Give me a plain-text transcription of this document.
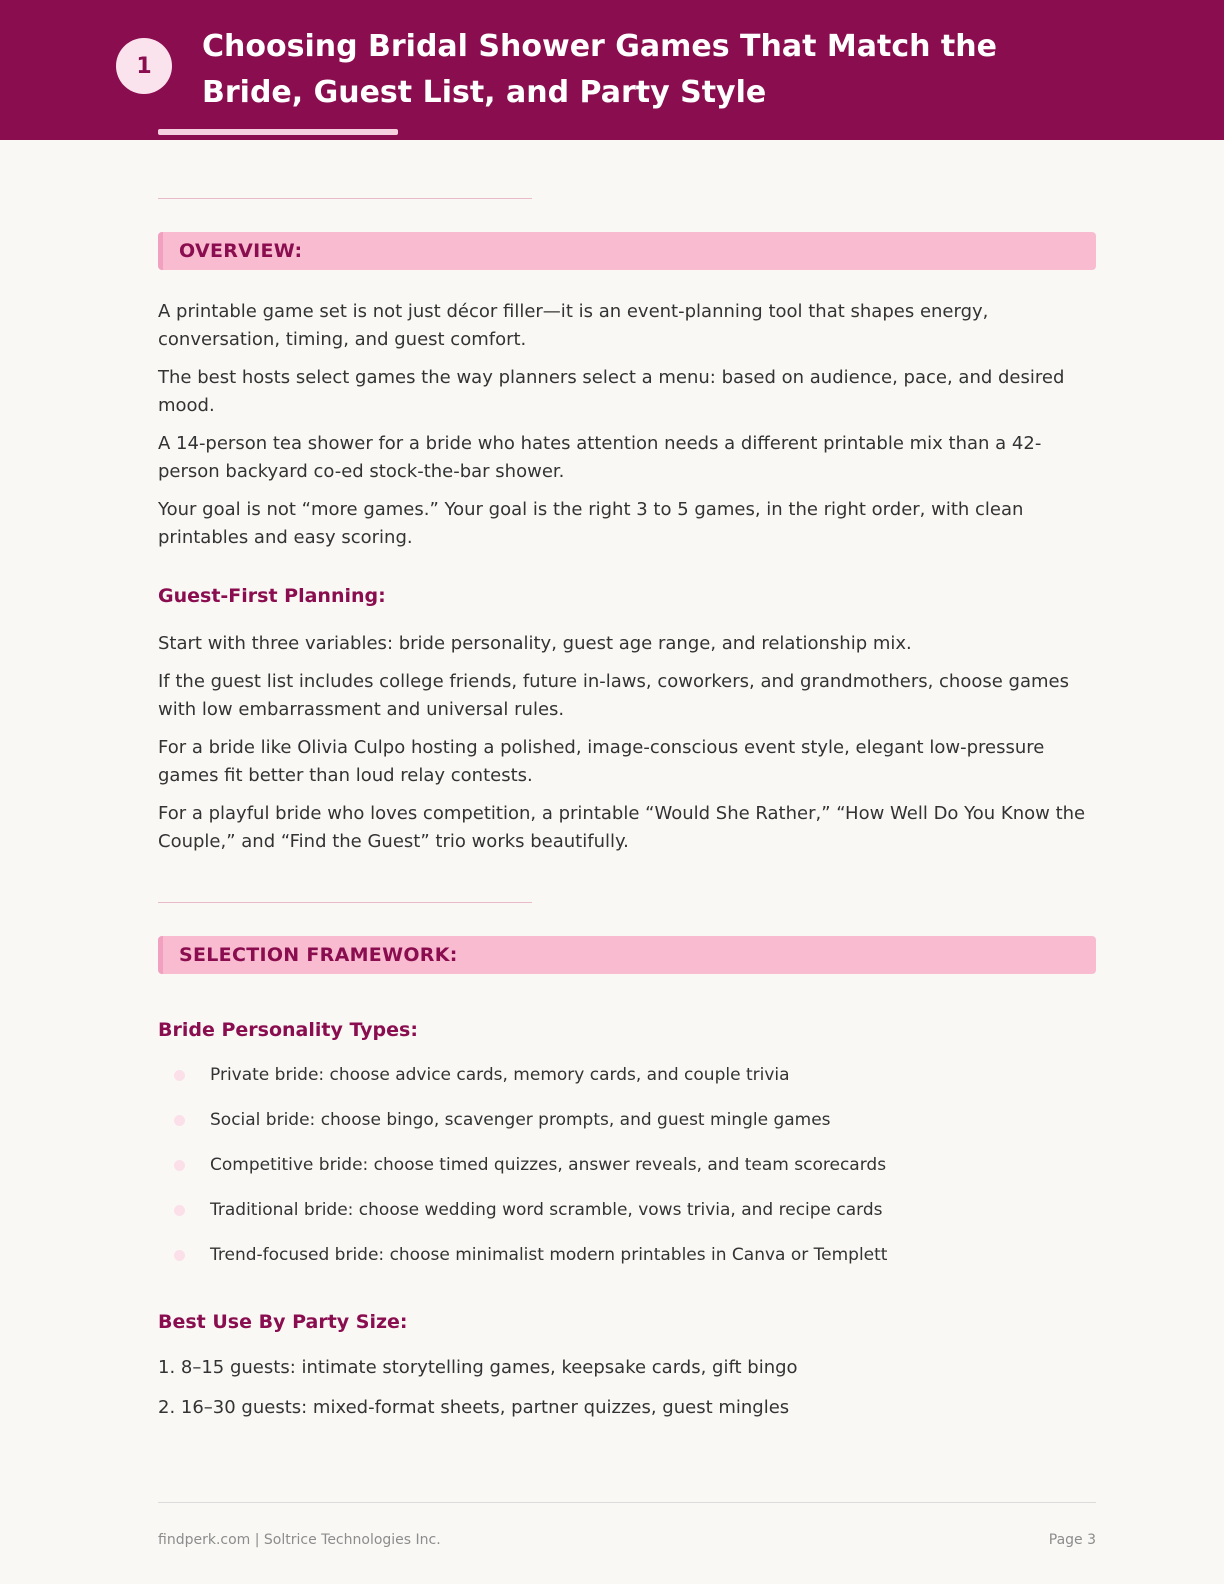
1
Choosing Bridal Shower Games That Match the Bride, Guest List, and Party Style
OVERVIEW:

A printable game set is not just décor filler—it is an event-planning tool that shapes energy, conversation, timing, and guest comfort.

The best hosts select games the way planners select a menu: based on audience, pace, and desired mood.

A 14-person tea shower for a bride who hates attention needs a different printable mix than a 42-person backyard co-ed stock-the-bar shower.

Your goal is not “more games.” Your goal is the right 3 to 5 games, in the right order, with clean printables and easy scoring.

Guest-First Planning:

Start with three variables: bride personality, guest age range, and relationship mix.

If the guest list includes college friends, future in-laws, coworkers, and grandmothers, choose games with low embarrassment and universal rules.

For a bride like Olivia Culpo hosting a polished, image-conscious event style, elegant low-pressure games fit better than loud relay contests.

For a playful bride who loves competition, a printable “Would She Rather,” “How Well Do You Know the Couple,” and “Find the Guest” trio works beautifully.

SELECTION FRAMEWORK:
Bride Personality Types:
Private bride: choose advice cards, memory cards, and couple trivia
Social bride: choose bingo, scavenger prompts, and guest mingle games
Competitive bride: choose timed quizzes, answer reveals, and team scorecards
Traditional bride: choose wedding word scramble, vows trivia, and recipe cards
Trend-focused bride: choose minimalist modern printables in Canva or Templett
Best Use By Party Size:
1. 8–15 guests: intimate storytelling games, keepsake cards, gift bingo
2. 16–30 guests: mixed-format sheets, partner quizzes, guest mingles
findperk.com | Soltrice Technologies Inc.	Page 3
